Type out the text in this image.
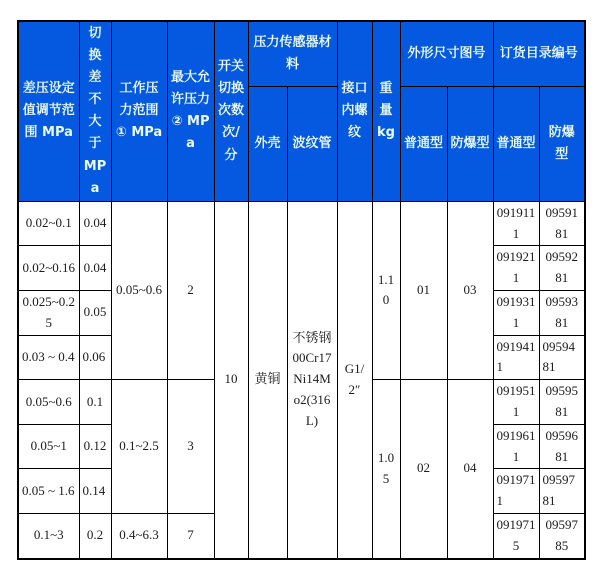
差压设定值调节范围 MPa	切换差不大于 MPa	工作压力范围① MPa	最大允许压力② MPa	开关切换次数次/分	压力传感器材料		接口内螺纹	重量kg	外形尺寸图号		订货目录编号	
					外壳	波纹管			普通型	防爆型	普通型	防爆型
0.02~0.1	0.04	0.05~0.6	2	10	黄铜	不锈钢00Cr17Ni14Mo2(316L)	G1/2″	1.10	01	03	0919111	0959181
0.02~0.16	0.04										0919211	0959281
0.025~0.25	0.05										0919311	0959381
0.03 ~ 0.4	0.06										0919411	0959481
0.05~0.6	0.1	0.1~2.5	3					1.05	02	04	0919511	0959581
0.05~1	0.12										0919611	0959681
0.05 ~ 1.6	0.14										0919711	0959781
0.1~3	0.2	0.4~6.3	7								0919715	0959785
